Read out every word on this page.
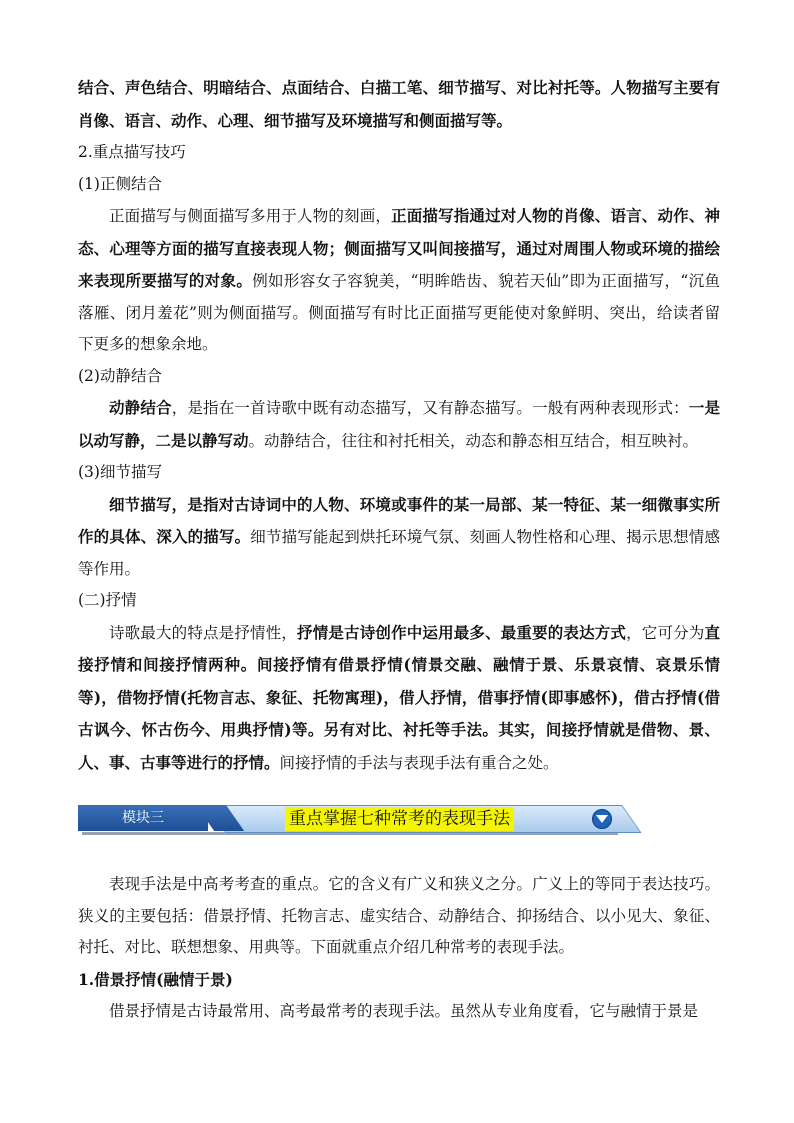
结合、声色结合、明暗结合、点面结合、白描工笔、细节描写、对比衬托等。人物描写主要有肖像、语言、动作、心理、细节描写及环境描写和侧面描写等。

2.重点描写技巧

(1)正侧结合

正面描写与侧面描写多用于人物的刻画，正面描写指通过对人物的肖像、语言、动作、神态、心理等方面的描写直接表现人物；侧面描写又叫间接描写，通过对周围人物或环境的描绘来表现所要描写的对象。例如形容女子容貌美，“明眸皓齿、貌若天仙”即为正面描写，“沉鱼落雁、闭月羞花”则为侧面描写。侧面描写有时比正面描写更能使对象鲜明、突出，给读者留下更多的想象余地。

(2)动静结合

动静结合，是指在一首诗歌中既有动态描写，又有静态描写。一般有两种表现形式：一是以动写静，二是以静写动。动静结合，往往和衬托相关，动态和静态相互结合，相互映衬。

(3)细节描写

细节描写，是指对古诗词中的人物、环境或事件的某一局部、某一特征、某一细微事实所作的具体、深入的描写。细节描写能起到烘托环境气氛、刻画人物性格和心理、揭示思想情感等作用。

(二)抒情

诗歌最大的特点是抒情性，抒情是古诗创作中运用最多、最重要的表达方式，它可分为直接抒情和间接抒情两种。间接抒情有借景抒情(情景交融、融情于景、乐景哀情、哀景乐情等)，借物抒情(托物言志、象征、托物寓理)，借人抒情，借事抒情(即事感怀)，借古抒情(借古讽今、怀古伤今、用典抒情)等。另有对比、衬托等手法。其实，间接抒情就是借物、景、人、事、古事等进行的抒情。间接抒情的手法与表现手法有重合之处。

模块三	重点掌握七种常考的表现手法

表现手法是中高考考查的重点。它的含义有广义和狭义之分。广义上的等同于表达技巧。狭义的主要包括：借景抒情、托物言志、虚实结合、动静结合、抑扬结合、以小见大、象征、衬托、对比、联想想象、用典等。下面就重点介绍几种常考的表现手法。

1.借景抒情(融情于景)

借景抒情是古诗最常用、高考最常考的表现手法。虽然从专业角度看，它与融情于景是
